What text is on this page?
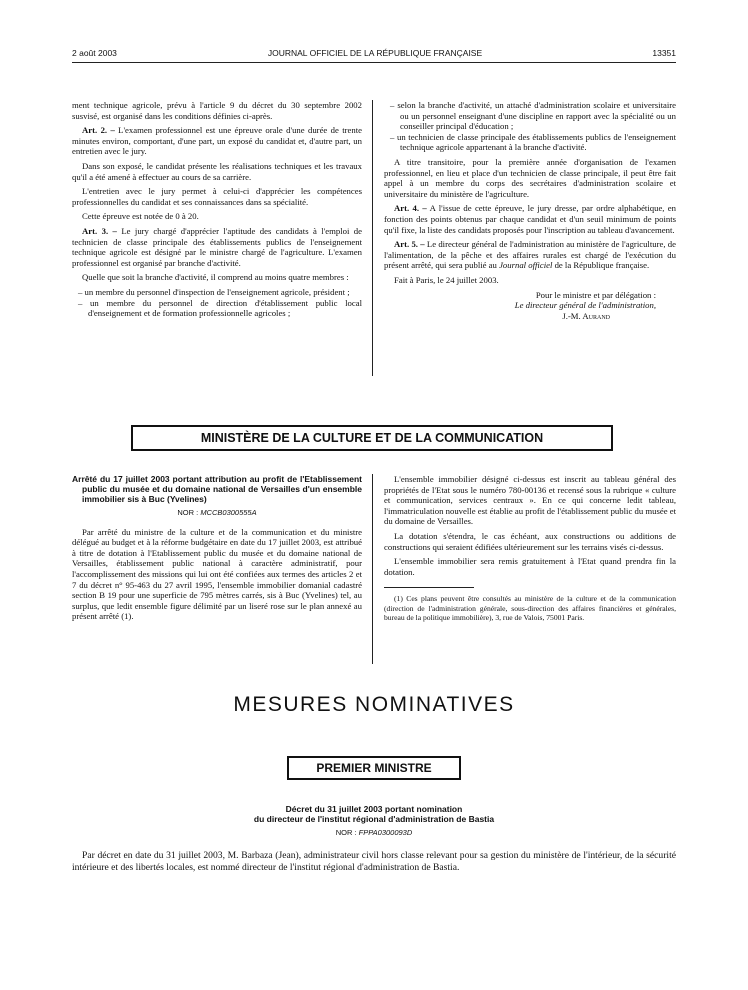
2 août 2003	JOURNAL OFFICIEL DE LA RÉPUBLIQUE FRANÇAISE	13351

ment technique agricole, prévu à l'article 9 du décret du 30 septembre 2002 susvisé, est organisé dans les conditions définies ci-après.

Art. 2. – L'examen professionnel est une épreuve orale d'une durée de trente minutes environ, comportant, d'une part, un exposé du candidat et, d'autre part, un entretien avec le jury.

Dans son exposé, le candidat présente les réalisations techniques et les travaux qu'il a été amené à effectuer au cours de sa carrière.

L'entretien avec le jury permet à celui-ci d'apprécier les compétences professionnelles du candidat et ses connaissances dans sa spécialité.

Cette épreuve est notée de 0 à 20.

Art. 3. – Le jury chargé d'apprécier l'aptitude des candidats à l'emploi de technicien de classe principale des établissements publics de l'enseignement technique agricole est désigné par le ministre chargé de l'agriculture. L'examen professionnel est organisé par branche d'activité.

Quelle que soit la branche d'activité, il comprend au moins quatre membres :

– un membre du personnel d'inspection de l'enseignement agricole, président ;
– un membre du personnel de direction d'établissement public local d'enseignement et de formation professionnelle agricoles ;
– selon la branche d'activité, un attaché d'administration scolaire et universitaire ou un personnel enseignant d'une discipline en rapport avec la spécialité ou un conseiller principal d'éducation ;
– un technicien de classe principale des établissements publics de l'enseignement technique agricole appartenant à la branche d'activité.

A titre transitoire, pour la première année d'organisation de l'examen professionnel, en lieu et place d'un technicien de classe principale, il peut être fait appel à un membre du corps des secrétaires d'administration scolaire et universitaire du ministère de l'agriculture.

Art. 4. – A l'issue de cette épreuve, le jury dresse, par ordre alphabétique, en fonction des points obtenus par chaque candidat et d'un seuil minimum de points qu'il fixe, la liste des candidats proposés pour l'inscription au tableau d'avancement.

Art. 5. – Le directeur général de l'administration au ministère de l'agriculture, de l'alimentation, de la pêche et des affaires rurales est chargé de l'exécution du présent arrêté, qui sera publié au Journal officiel de la République française.

Fait à Paris, le 24 juillet 2003.

Pour le ministre et par délégation :
Le directeur général de l'administration,
J.-M. Aurand
MINISTÈRE DE LA CULTURE ET DE LA COMMUNICATION
Arrêté du 17 juillet 2003 portant attribution au profit de l'Etablissement public du musée et du domaine national de Versailles d'un ensemble immobilier sis à Buc (Yvelines)
NOR : MCCB0300555A

Par arrêté du ministre de la culture et de la communication et du ministre délégué au budget et à la réforme budgétaire en date du 17 juillet 2003, est attribué à titre de dotation à l'Etablissement public du musée et du domaine national de Versailles, établissement public national à caractère administratif, pour l'accomplissement des missions qui lui ont été confiées aux termes des articles 2 et 7 du décret n° 95-463 du 27 avril 1995, l'ensemble immobilier domanial cadastré section B 19 pour une superficie de 795 mètres carrés, sis à Buc (Yvelines) tel, au surplus, que ledit ensemble figure délimité par un liseré rose sur le plan annexé au présent arrêté (1).

L'ensemble immobilier désigné ci-dessus est inscrit au tableau général des propriétés de l'Etat sous le numéro 780-00136 et recensé sous la rubrique « culture et communication, services centraux ». En ce qui concerne ledit tableau, l'immatriculation nouvelle est établie au profit de l'établissement public du musée et du domaine de Versailles.

La dotation s'étendra, le cas échéant, aux constructions ou additions de constructions qui seraient édifiées ultérieurement sur les terrains visés ci-dessus.

L'ensemble immobilier sera remis gratuitement à l'Etat quand prendra fin la dotation.

(1) Ces plans peuvent être consultés au ministère de la culture et de la communication (direction de l'administration générale, sous-direction des affaires financières et générales, bureau de la politique immobilière), 3, rue de Valois, 75001 Paris.
MESURES NOMINATIVES
PREMIER MINISTRE
Décret du 31 juillet 2003 portant nomination
du directeur de l'institut régional d'administration de Bastia
NOR : FPPA0300093D

Par décret en date du 31 juillet 2003, M. Barbaza (Jean), administrateur civil hors classe relevant pour sa gestion du ministère de l'intérieur, de la sécurité intérieure et des libertés locales, est nommé directeur de l'institut régional d'administration de Bastia.
